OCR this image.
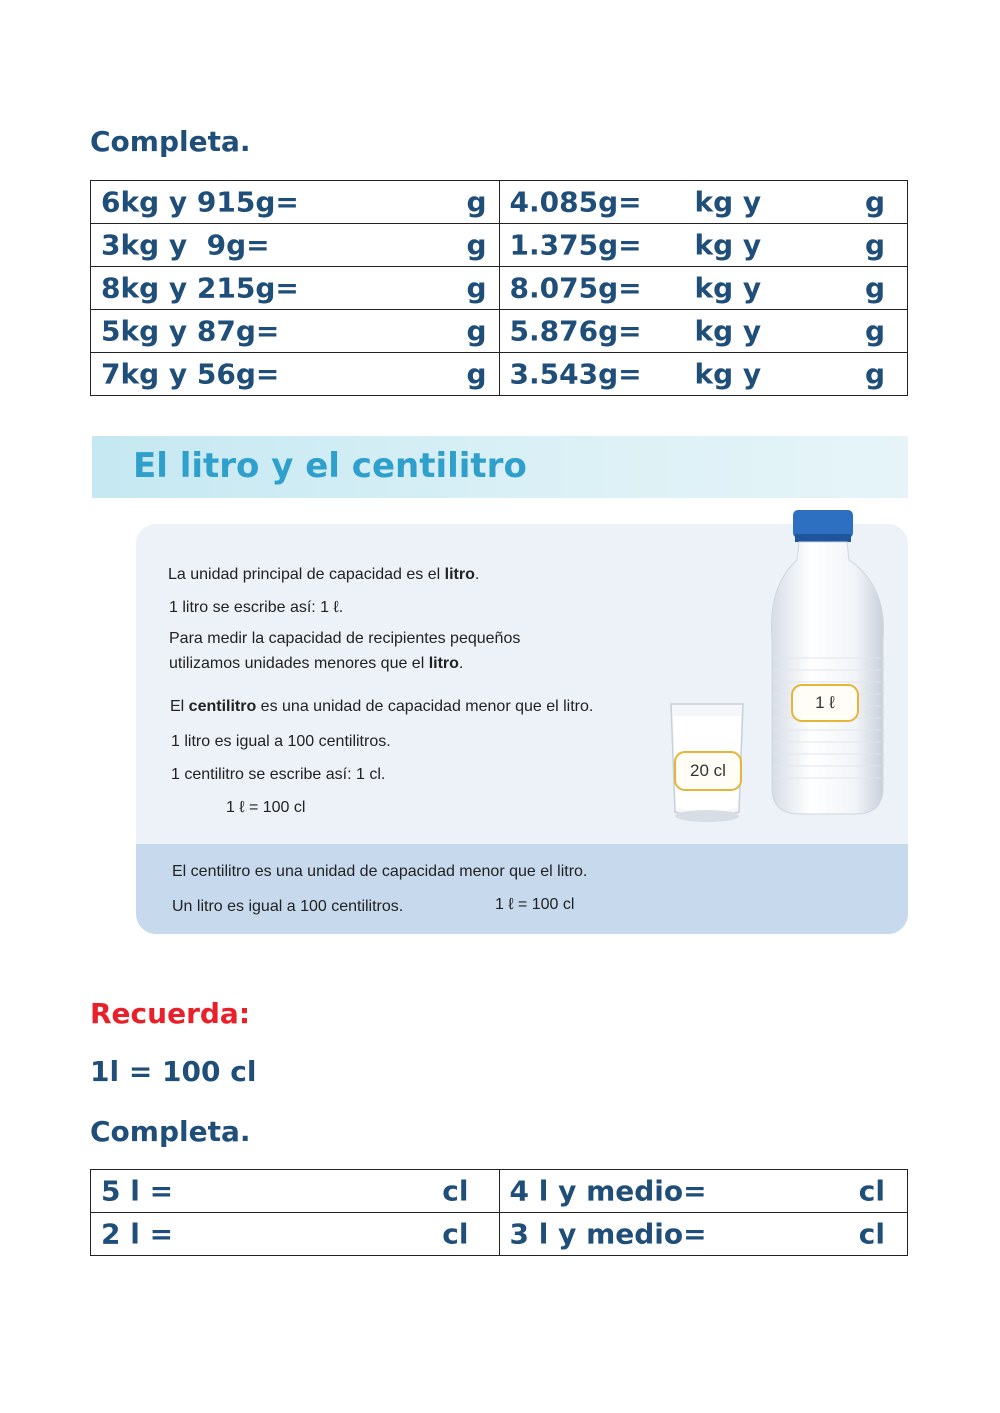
Completa.
6kg y 915g= g	4.085g= kg y g

3kg y  9g= g	1.375g= kg y g

8kg y 215g= g	8.075g= kg y g

5kg y 87g= g	5.876g= kg y g

7kg y 56g= g	3.543g= kg y g
El litro y el centilitro
La unidad principal de capacidad es el litro.
1 litro se escribe así: 1 ℓ.
Para medir la capacidad de recipientes pequeños
utilizamos unidades menores que el litro.
El centilitro es una unidad de capacidad menor que el litro.
1 litro es igual a 100 centilitros.
1 centilitro se escribe así: 1 cl.
1 ℓ = 100 cl
El centilitro es una unidad de capacidad menor que el litro.
Un litro es igual a 100 centilitros.	1 ℓ = 100 cl
1 ℓ
20 cl
Recuerda:
1l = 100 cl
Completa.
5 l = cl	4 l y medio= cl

2 l = cl	3 l y medio= cl
